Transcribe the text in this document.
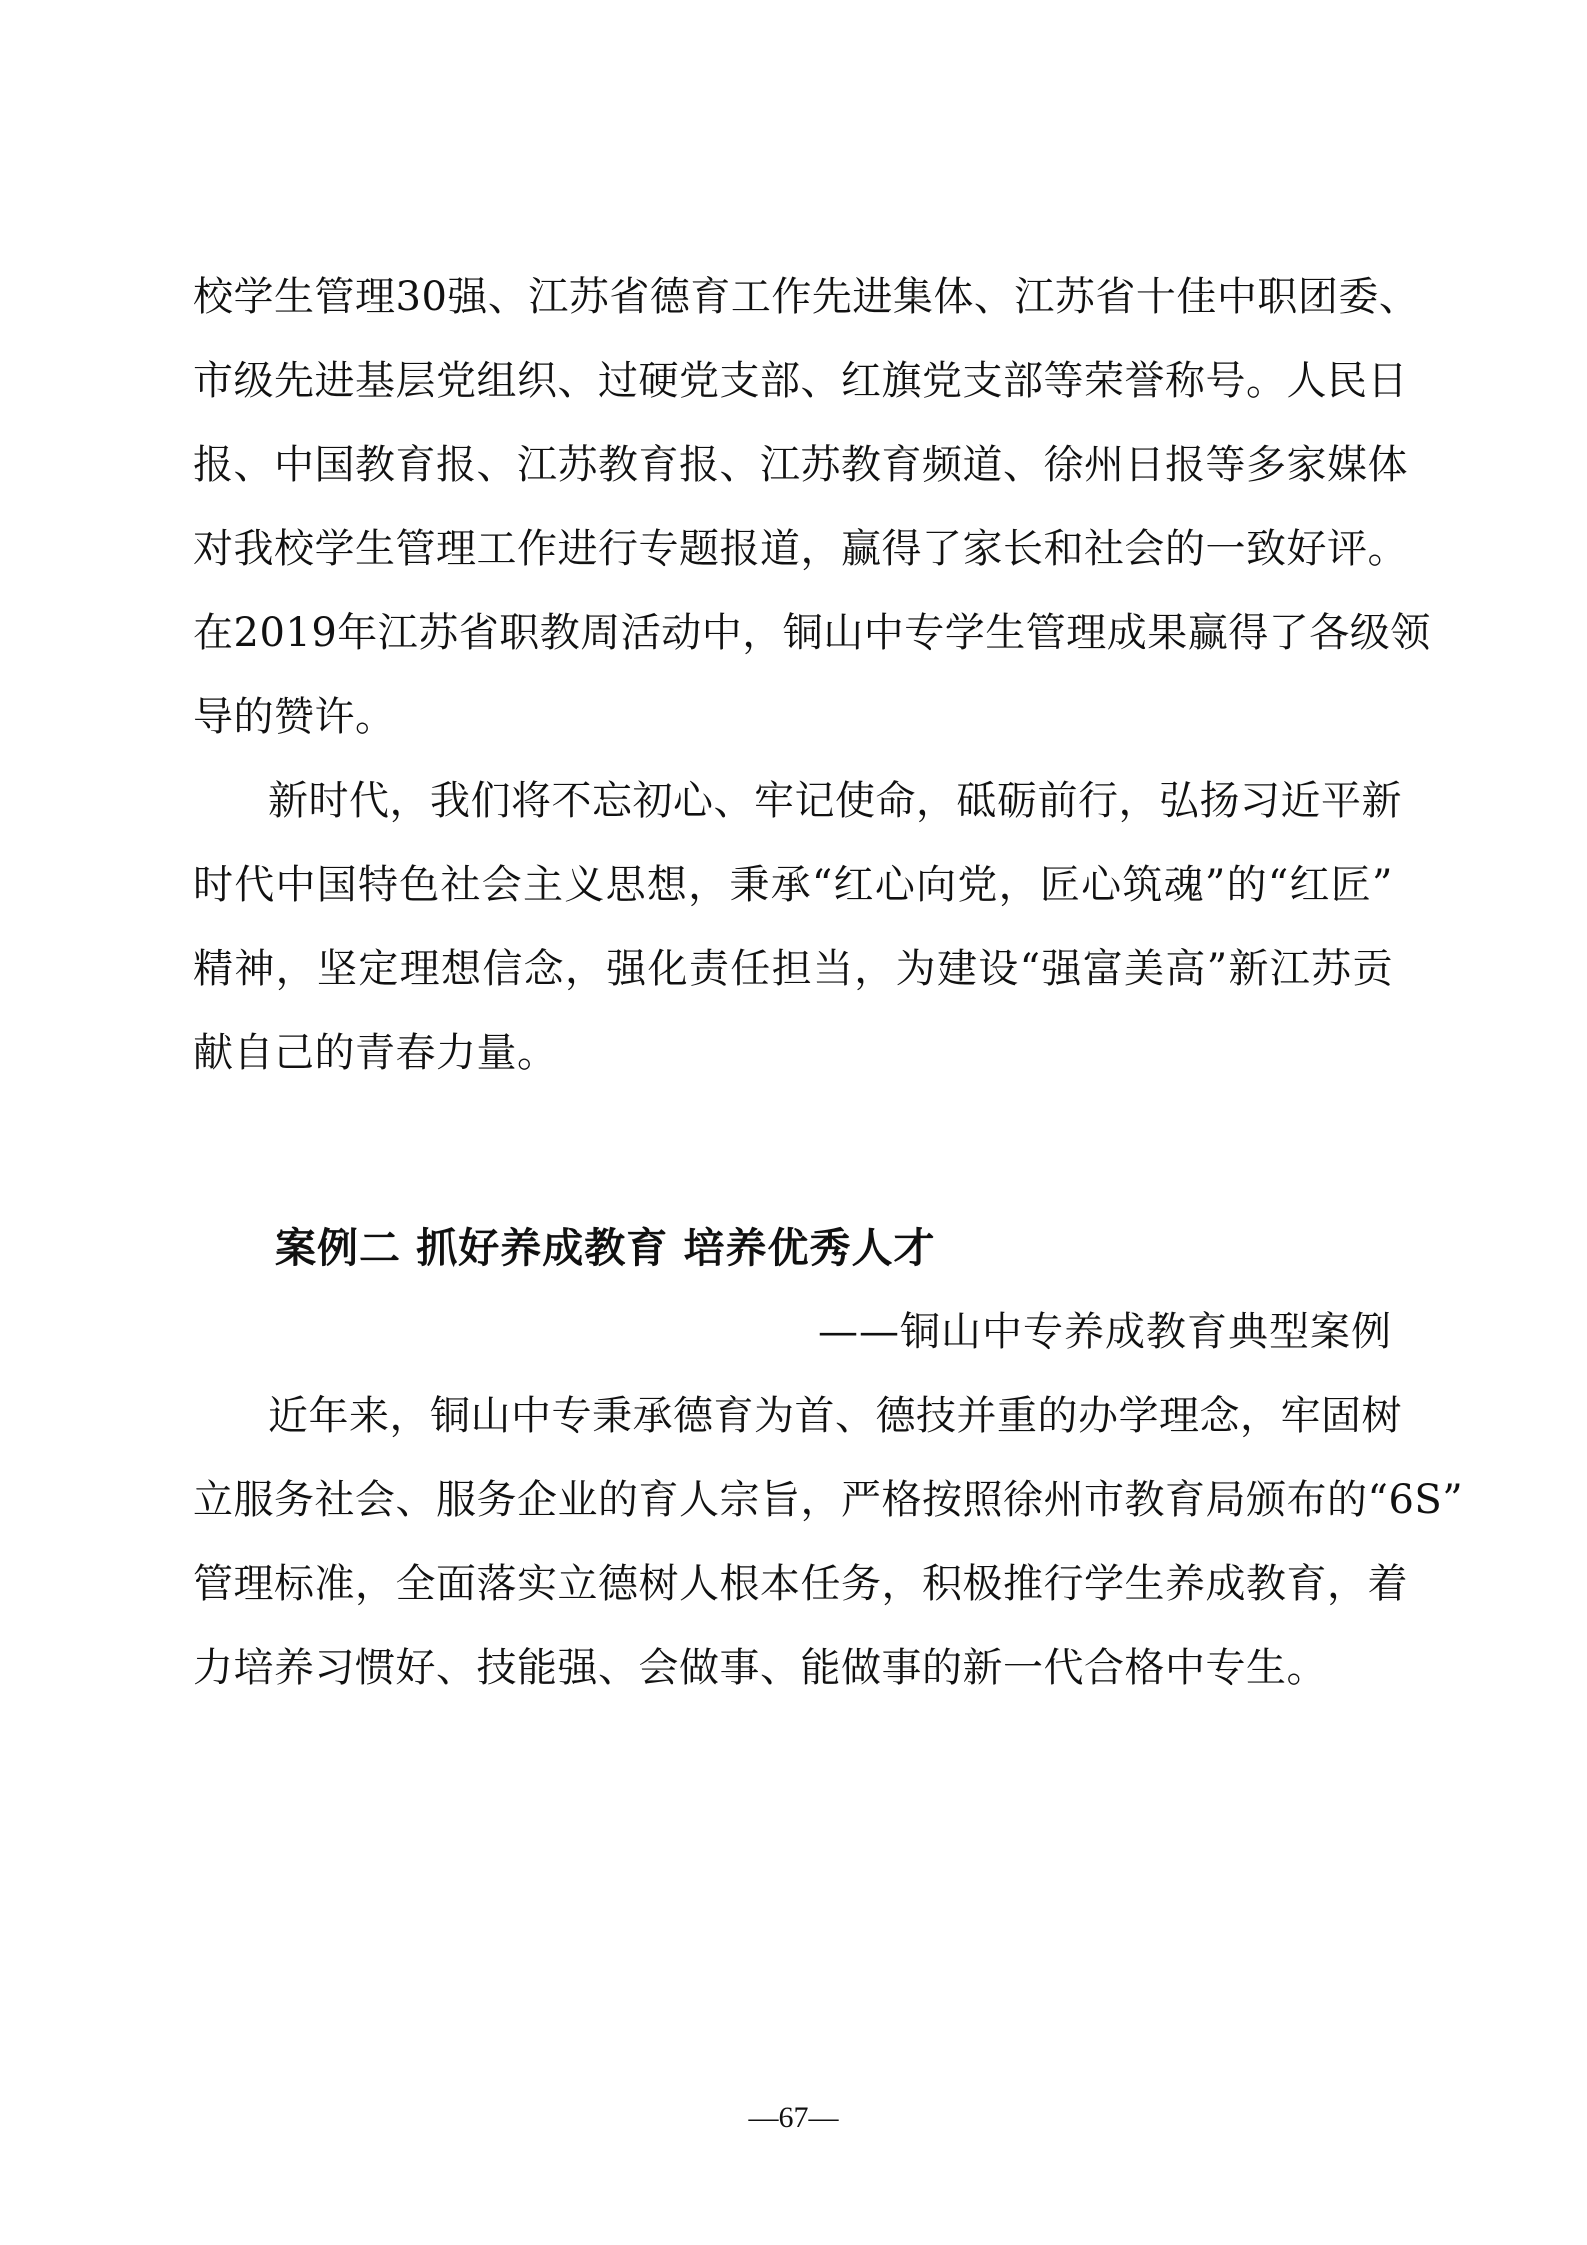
校学生管理30强、江苏省德育工作先进集体、江苏省十佳中职团委、
市级先进基层党组织、过硬党支部、红旗党支部等荣誉称号。人民日
报、中国教育报、江苏教育报、江苏教育频道、徐州日报等多家媒体
对我校学生管理工作进行专题报道，赢得了家长和社会的一致好评。
在2019年江苏省职教周活动中，铜山中专学生管理成果赢得了各级领
导的赞许。
新时代，我们将不忘初心、牢记使命，砥砺前行，弘扬习近平新
时代中国特色社会主义思想，秉承“红心向党，匠心筑魂”的“红匠”
精神，坚定理想信念，强化责任担当，为建设“强富美高”新江苏贡
献自己的青春力量。
案例二 抓好养成教育 培养优秀人才
——铜山中专养成教育典型案例
近年来，铜山中专秉承德育为首、德技并重的办学理念，牢固树
立服务社会、服务企业的育人宗旨，严格按照徐州市教育局颁布的“6S”
管理标准，全面落实立德树人根本任务，积极推行学生养成教育，着
力培养习惯好、技能强、会做事、能做事的新一代合格中专生。
—67—
